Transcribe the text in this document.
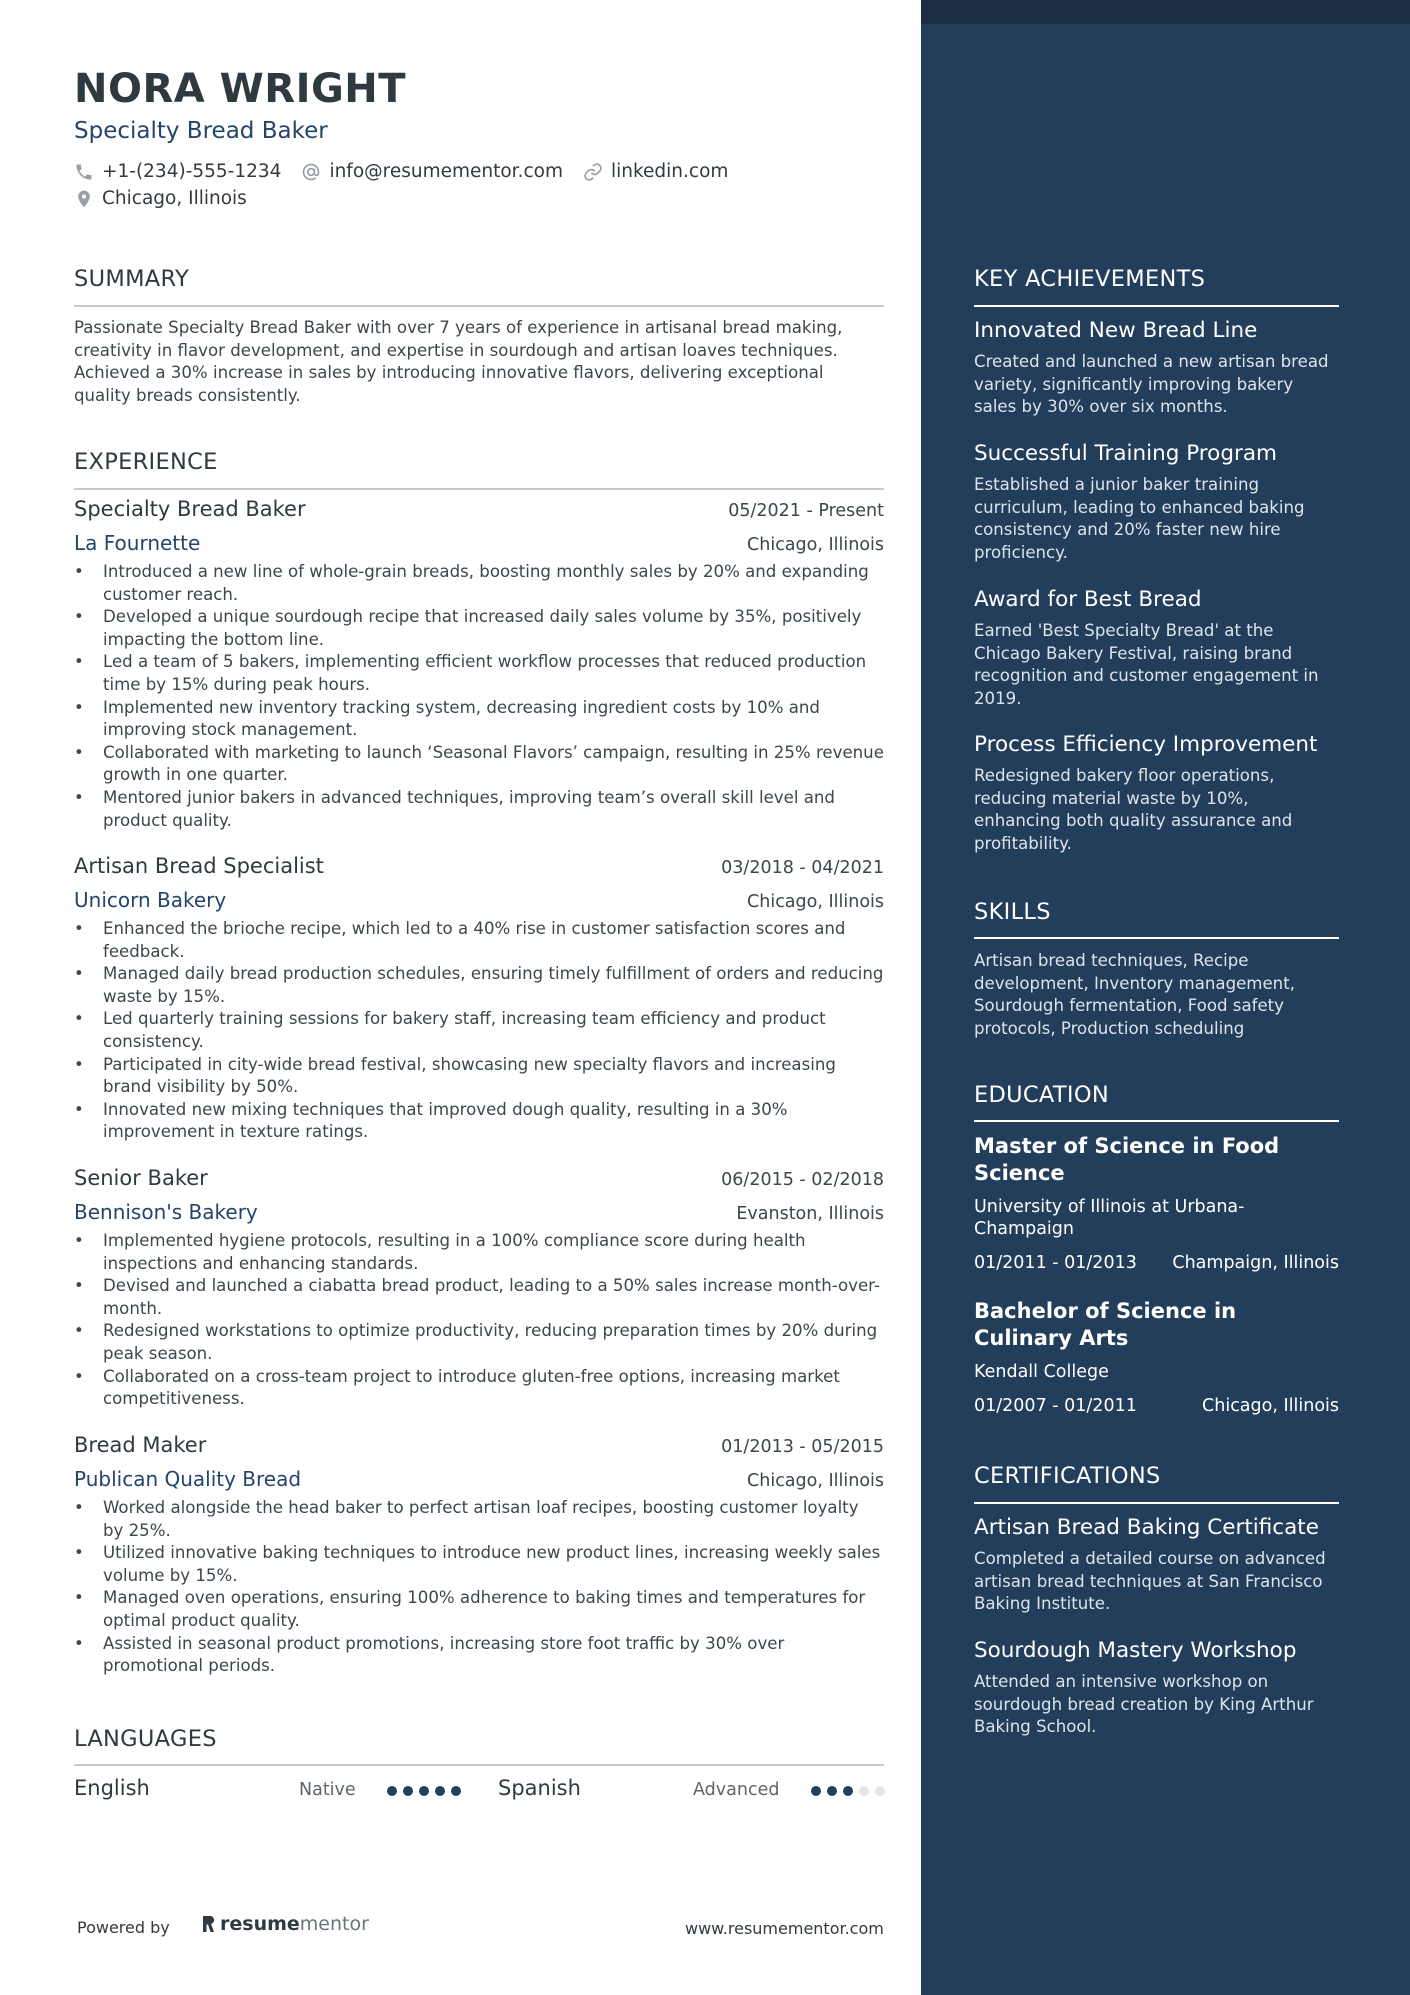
NORA WRIGHT
Specialty Bread Baker
+1-(234)-555-1234	info@resumementor.com	linkedin.com
Chicago, Illinois
SUMMARY
Passionate Specialty Bread Baker with over 7 years of experience in artisanal bread making, creativity in flavor development, and expertise in sourdough and artisan loaves techniques. Achieved a 30% increase in sales by introducing innovative flavors, delivering exceptional quality breads consistently.
EXPERIENCE
Specialty Bread Baker	05/2021 - Present
La Fournette	Chicago, Illinois
• Introduced a new line of whole-grain breads, boosting monthly sales by 20% and expanding customer reach.
• Developed a unique sourdough recipe that increased daily sales volume by 35%, positively impacting the bottom line.
• Led a team of 5 bakers, implementing efficient workflow processes that reduced production time by 15% during peak hours.
• Implemented new inventory tracking system, decreasing ingredient costs by 10% and improving stock management.
• Collaborated with marketing to launch ‘Seasonal Flavors’ campaign, resulting in 25% revenue growth in one quarter.
• Mentored junior bakers in advanced techniques, improving team’s overall skill level and product quality.
Artisan Bread Specialist	03/2018 - 04/2021
Unicorn Bakery	Chicago, Illinois
• Enhanced the brioche recipe, which led to a 40% rise in customer satisfaction scores and feedback.
• Managed daily bread production schedules, ensuring timely fulfillment of orders and reducing waste by 15%.
• Led quarterly training sessions for bakery staff, increasing team efficiency and product consistency.
• Participated in city-wide bread festival, showcasing new specialty flavors and increasing brand visibility by 50%.
• Innovated new mixing techniques that improved dough quality, resulting in a 30% improvement in texture ratings.
Senior Baker	06/2015 - 02/2018
Bennison's Bakery	Evanston, Illinois
• Implemented hygiene protocols, resulting in a 100% compliance score during health inspections and enhancing standards.
• Devised and launched a ciabatta bread product, leading to a 50% sales increase month-over-month.
• Redesigned workstations to optimize productivity, reducing preparation times by 20% during peak season.
• Collaborated on a cross-team project to introduce gluten-free options, increasing market competitiveness.
Bread Maker	01/2013 - 05/2015
Publican Quality Bread	Chicago, Illinois
• Worked alongside the head baker to perfect artisan loaf recipes, boosting customer loyalty by 25%.
• Utilized innovative baking techniques to introduce new product lines, increasing weekly sales volume by 15%.
• Managed oven operations, ensuring 100% adherence to baking times and temperatures for optimal product quality.
• Assisted in seasonal product promotions, increasing store foot traffic by 30% over promotional periods.
LANGUAGES
English	Native	Spanish	Advanced
Powered by	resume mentor	www.resumementor.com
KEY ACHIEVEMENTS
Innovated New Bread Line
Created and launched a new artisan bread variety, significantly improving bakery sales by 30% over six months.
Successful Training Program
Established a junior baker training curriculum, leading to enhanced baking consistency and 20% faster new hire proficiency.
Award for Best Bread
Earned 'Best Specialty Bread' at the Chicago Bakery Festival, raising brand recognition and customer engagement in 2019.
Process Efficiency Improvement
Redesigned bakery floor operations, reducing material waste by 10%, enhancing both quality assurance and profitability.
SKILLS
Artisan bread techniques, Recipe development, Inventory management, Sourdough fermentation, Food safety protocols, Production scheduling
EDUCATION
Master of Science in Food Science
University of Illinois at Urbana-Champaign
01/2011 - 01/2013 Champaign, Illinois
Bachelor of Science in Culinary Arts
Kendall College
01/2007 - 01/2011	Chicago, Illinois
CERTIFICATIONS
Artisan Bread Baking Certificate
Completed a detailed course on advanced artisan bread techniques at San Francisco Baking Institute.
Sourdough Mastery Workshop
Attended an intensive workshop on sourdough bread creation by King Arthur Baking School.
